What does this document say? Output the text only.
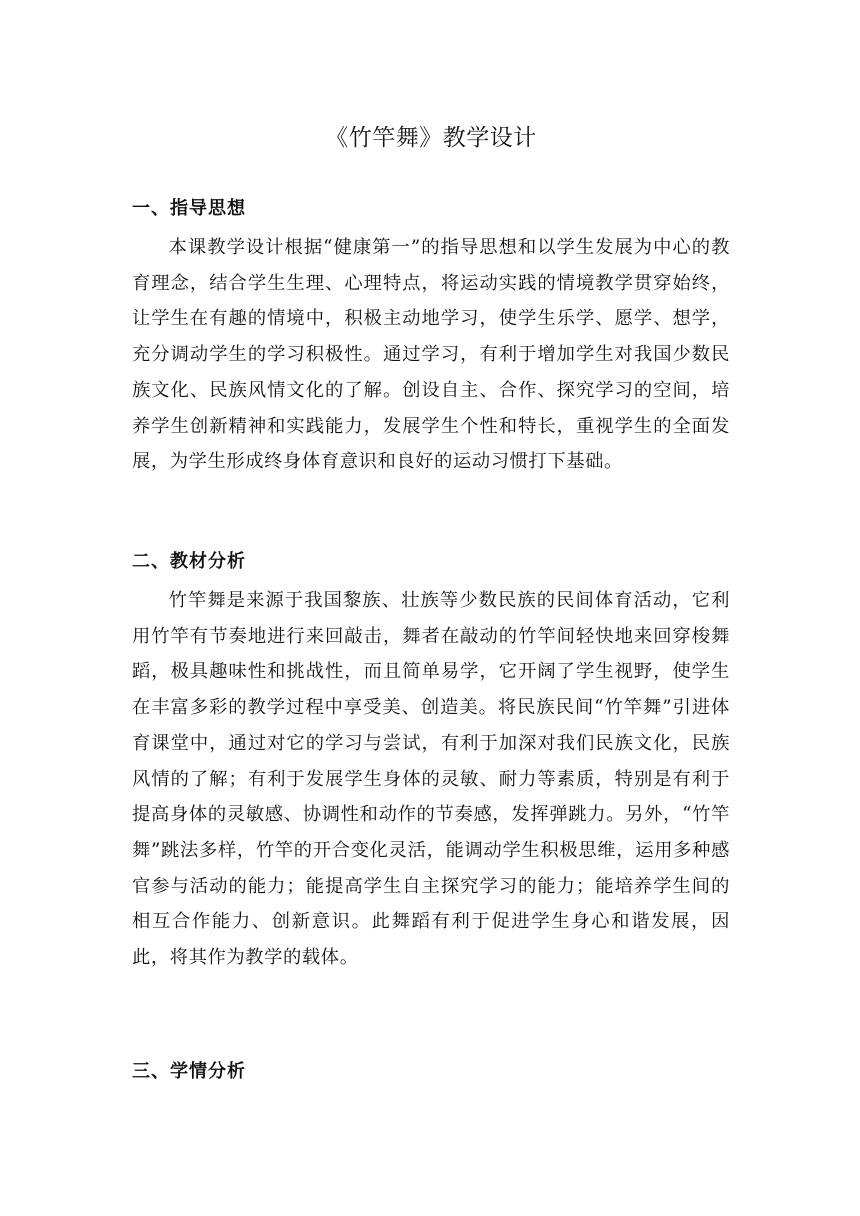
《竹竿舞》教学设计
一、指导思想
本课教学设计根据“健康第一”的指导思想和以学生发展为中心的教育理念，结合学生生理、心理特点，将运动实践的情境教学贯穿始终，让学生在有趣的情境中，积极主动地学习，使学生乐学、愿学、想学，充分调动学生的学习积极性。通过学习，有利于增加学生对我国少数民族文化、民族风情文化的了解。创设自主、合作、探究学习的空间，培养学生创新精神和实践能力，发展学生个性和特长，重视学生的全面发展，为学生形成终身体育意识和良好的运动习惯打下基础。
二、教材分析
竹竿舞是来源于我国黎族、壮族等少数民族的民间体育活动，它利用竹竿有节奏地进行来回敲击，舞者在敲动的竹竿间轻快地来回穿梭舞蹈，极具趣味性和挑战性，而且简单易学，它开阔了学生视野，使学生在丰富多彩的教学过程中享受美、创造美。将民族民间“竹竿舞”引进体育课堂中，通过对它的学习与尝试，有利于加深对我们民族文化，民族风情的了解；有利于发展学生身体的灵敏、耐力等素质，特别是有利于提高身体的灵敏感、协调性和动作的节奏感，发挥弹跳力。另外，“竹竿舞”跳法多样，竹竿的开合变化灵活，能调动学生积极思维，运用多种感官参与活动的能力；能提高学生自主探究学习的能力；能培养学生间的相互合作能力、创新意识。此舞蹈有利于促进学生身心和谐发展，因此，将其作为教学的载体。
三、学情分析
